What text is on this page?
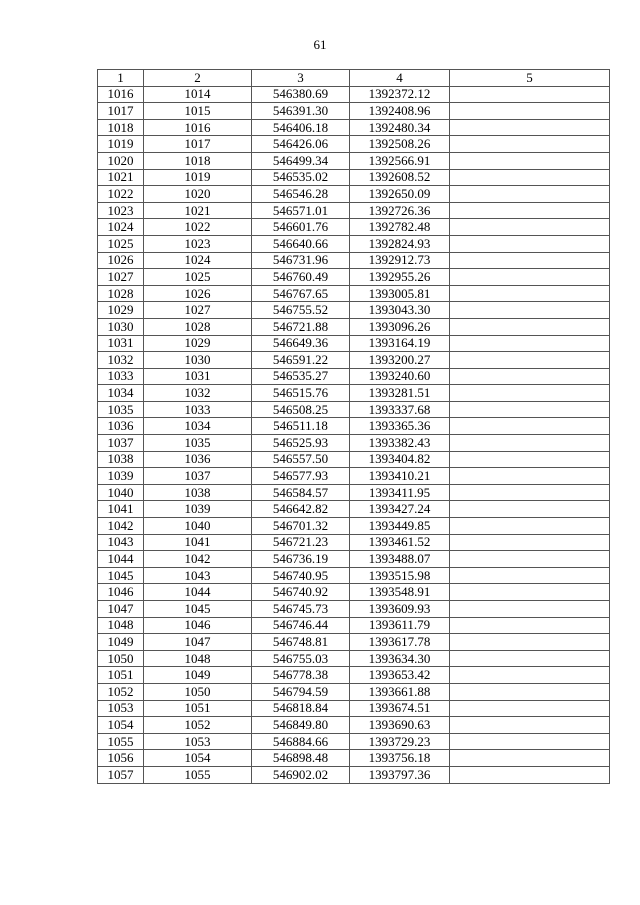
61
1	2	3	4	5
1016	1014	546380.69	1392372.12	
1017	1015	546391.30	1392408.96	
1018	1016	546406.18	1392480.34	
1019	1017	546426.06	1392508.26	
1020	1018	546499.34	1392566.91	
1021	1019	546535.02	1392608.52	
1022	1020	546546.28	1392650.09	
1023	1021	546571.01	1392726.36	
1024	1022	546601.76	1392782.48	
1025	1023	546640.66	1392824.93	
1026	1024	546731.96	1392912.73	
1027	1025	546760.49	1392955.26	
1028	1026	546767.65	1393005.81	
1029	1027	546755.52	1393043.30	
1030	1028	546721.88	1393096.26	
1031	1029	546649.36	1393164.19	
1032	1030	546591.22	1393200.27	
1033	1031	546535.27	1393240.60	
1034	1032	546515.76	1393281.51	
1035	1033	546508.25	1393337.68	
1036	1034	546511.18	1393365.36	
1037	1035	546525.93	1393382.43	
1038	1036	546557.50	1393404.82	
1039	1037	546577.93	1393410.21	
1040	1038	546584.57	1393411.95	
1041	1039	546642.82	1393427.24	
1042	1040	546701.32	1393449.85	
1043	1041	546721.23	1393461.52	
1044	1042	546736.19	1393488.07	
1045	1043	546740.95	1393515.98	
1046	1044	546740.92	1393548.91	
1047	1045	546745.73	1393609.93	
1048	1046	546746.44	1393611.79	
1049	1047	546748.81	1393617.78	
1050	1048	546755.03	1393634.30	
1051	1049	546778.38	1393653.42	
1052	1050	546794.59	1393661.88	
1053	1051	546818.84	1393674.51	
1054	1052	546849.80	1393690.63	
1055	1053	546884.66	1393729.23	
1056	1054	546898.48	1393756.18	
1057	1055	546902.02	1393797.36	
